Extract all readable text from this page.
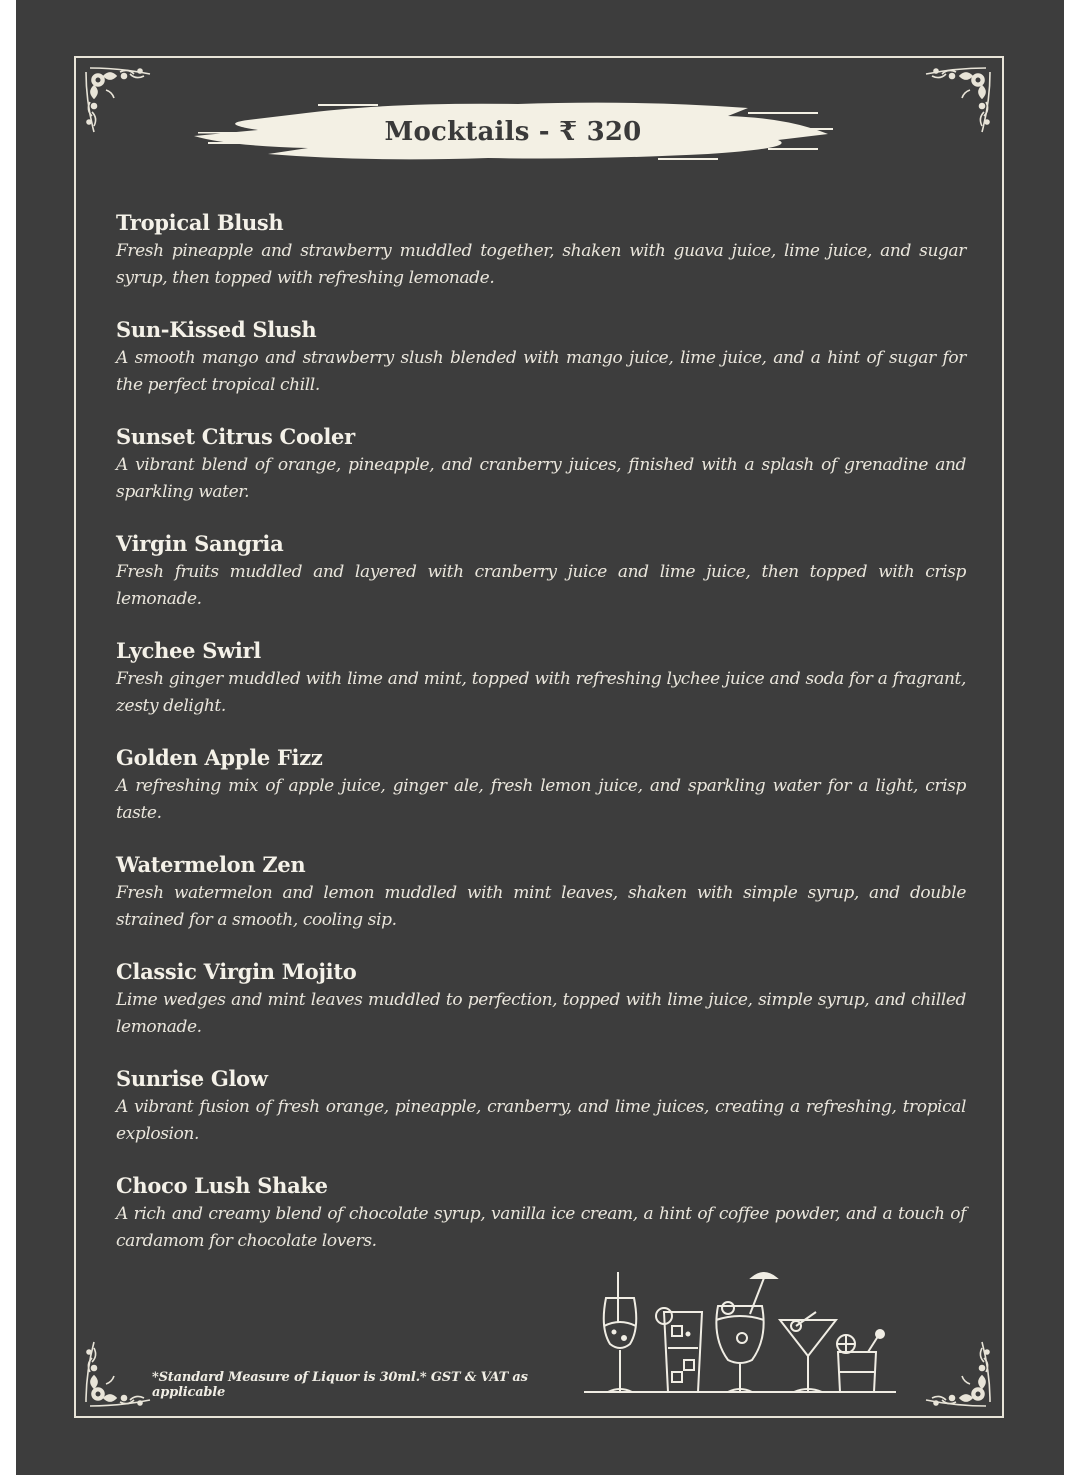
Mocktails - ₹ 320
Tropical Blush
Fresh pineapple and strawberry muddled together, shaken with guava juice, lime juice, and sugar syrup, then topped with refreshing lemonade.
Sun-Kissed Slush
A smooth mango and strawberry slush blended with mango juice, lime juice, and a hint of sugar for the perfect tropical chill.
Sunset Citrus Cooler
A vibrant blend of orange, pineapple, and cranberry juices, finished with a splash of grenadine and sparkling water.
Virgin Sangria
Fresh fruits muddled and layered with cranberry juice and lime juice, then topped with crisp lemonade.
Lychee Swirl
Fresh ginger muddled with lime and mint, topped with refreshing lychee juice and soda for a fragrant, zesty delight.
Golden Apple Fizz
A refreshing mix of apple juice, ginger ale, fresh lemon juice, and sparkling water for a light, crisp taste.
Watermelon Zen
Fresh watermelon and lemon muddled with mint leaves, shaken with simple syrup, and double strained for a smooth, cooling sip.
Classic Virgin Mojito
Lime wedges and mint leaves muddled to perfection, topped with lime juice, simple syrup, and chilled lemonade.
Sunrise Glow
A vibrant fusion of fresh orange, pineapple, cranberry, and lime juices, creating a refreshing, tropical explosion.
Choco Lush Shake
A rich and creamy blend of chocolate syrup, vanilla ice cream, a hint of coffee powder, and a touch of cardamom for chocolate lovers.
*Standard Measure of Liquor is 30ml.* GST & VAT as applicable
